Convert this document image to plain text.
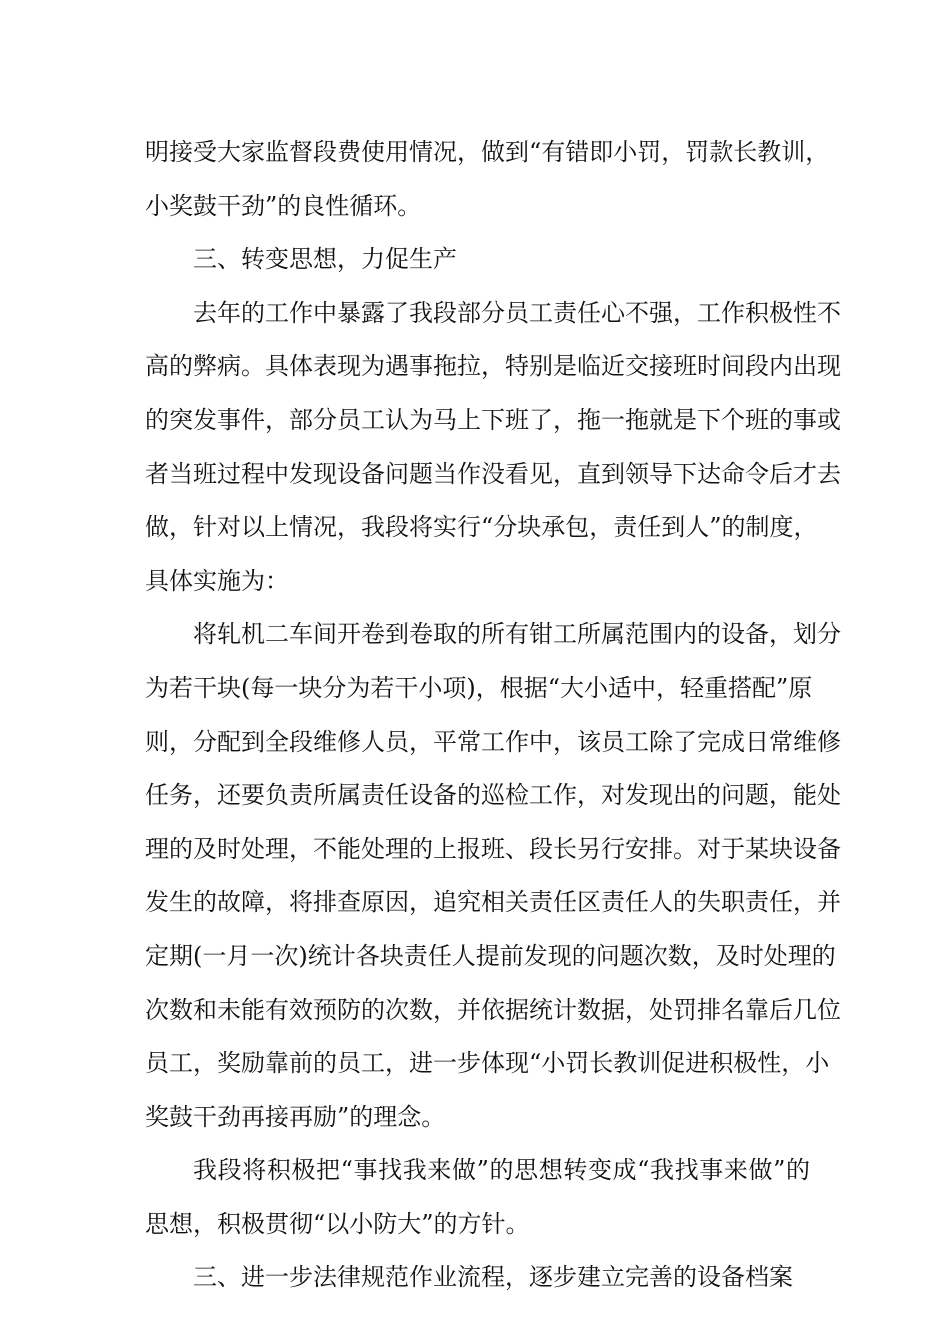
明接受大家监督段费使用情况，做到“有错即小罚，罚款长教训，
小奖鼓干劲”的良性循环。
三、转变思想，力促生产
去年的工作中暴露了我段部分员工责任心不强，工作积极性不
高的弊病。具体表现为遇事拖拉，特别是临近交接班时间段内出现
的突发事件，部分员工认为马上下班了，拖一拖就是下个班的事或
者当班过程中发现设备问题当作没看见，直到领导下达命令后才去
做，针对以上情况，我段将实行“分块承包，责任到人”的制度，
具体实施为：
将轧机二车间开卷到卷取的所有钳工所属范围内的设备，划分
为若干块(每一块分为若干小项)，根据“大小适中，轻重搭配”原
则，分配到全段维修人员，平常工作中，该员工除了完成日常维修
任务，还要负责所属责任设备的巡检工作，对发现出的问题，能处
理的及时处理，不能处理的上报班、段长另行安排。对于某块设备
发生的故障，将排查原因，追究相关责任区责任人的失职责任，并
定期(一月一次)统计各块责任人提前发现的问题次数，及时处理的
次数和未能有效预防的次数，并依据统计数据，处罚排名靠后几位
员工，奖励靠前的员工，进一步体现“小罚长教训促进积极性，小
奖鼓干劲再接再励”的理念。
我段将积极把“事找我来做”的思想转变成“我找事来做”的
思想，积极贯彻“以小防大”的方针。
三、进一步法律规范作业流程，逐步建立完善的设备档案
